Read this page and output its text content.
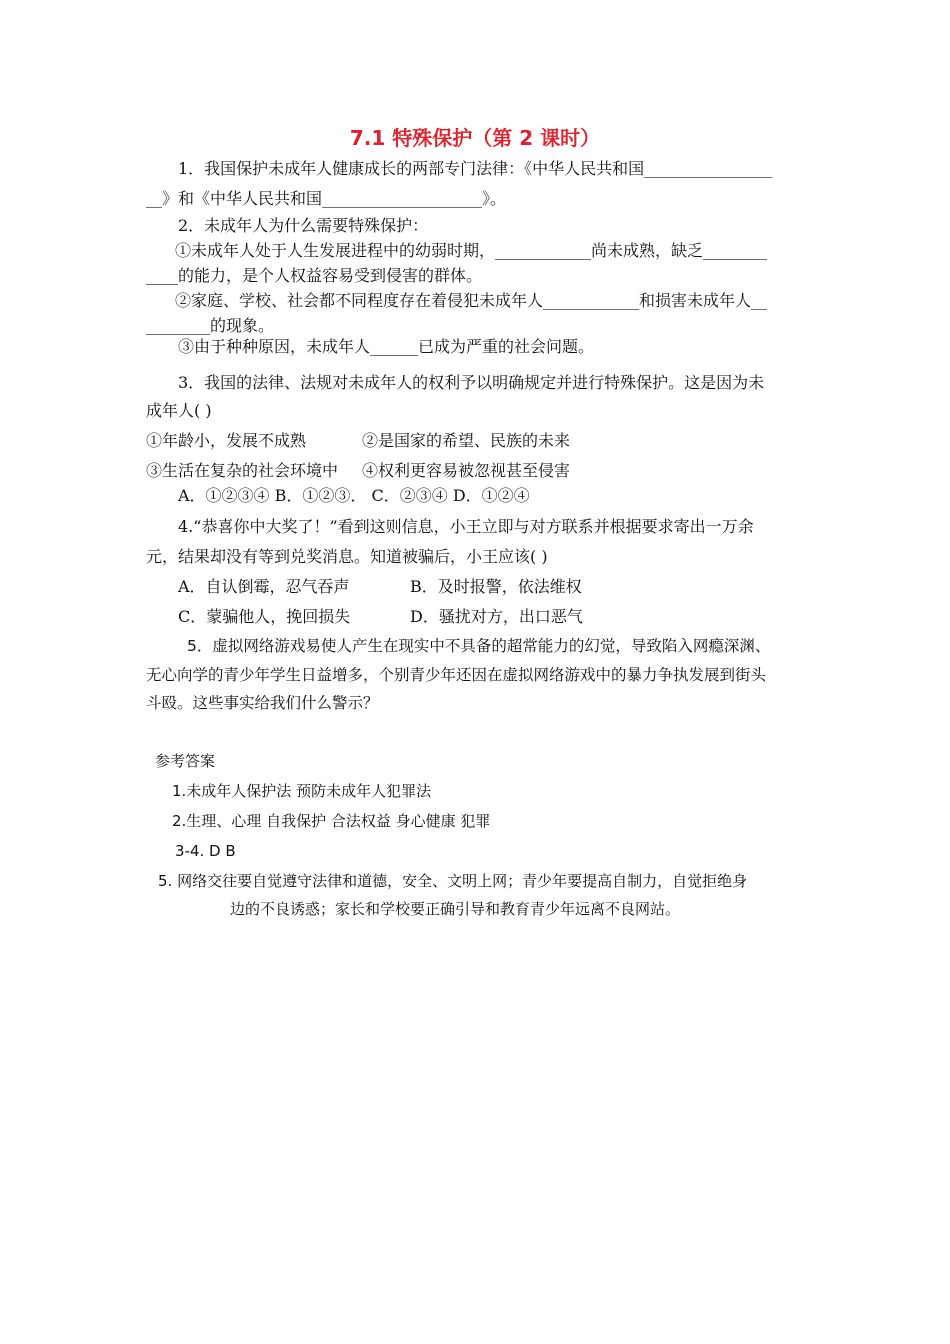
7.1 特殊保护（第 2 课时）
1．我国保护未成年人健康成长的两部专门法律：《中华人民共和国________________
__》和《中华人民共和国____________________》。
2．未成年人为什么需要特殊保护：
①未成年人处于人生发展进程中的幼弱时期，____________尚未成熟，缺乏________
____的能力，是个人权益容易受到侵害的群体。
②家庭、学校、社会都不同程度存在着侵犯未成年人____________和损害未成年人__
________的现象。
③由于种种原因，未成年人______已成为严重的社会问题。
3．我国的法律、法规对未成年人的权利予以明确规定并进行特殊保护。这是因为未
成年人( )
①年龄小，发展不成熟	②是国家的希望、民族的未来
③生活在复杂的社会环境中 ④权利更容易被忽视甚至侵害
A．①②③④ B．①②③． C．②③④ D．①②④
4.“恭喜你中大奖了！”看到这则信息，小王立即与对方联系并根据要求寄出一万余
元，结果却没有等到兑奖消息。知道被骗后，小王应该( )
A．自认倒霉，忍气吞声	B．及时报警，依法维权
C．蒙骗他人，挽回损失	D．骚扰对方，出口恶气
5．虚拟网络游戏易使人产生在现实中不具备的超常能力的幻觉，导致陷入网瘾深渊、
无心向学的青少年学生日益增多，个别青少年还因在虚拟网络游戏中的暴力争执发展到街头
斗殴。这些事实给我们什么警示？
参考答案
1.未成年人保护法 预防未成年人犯罪法
2.生理、心理 自我保护 合法权益 身心健康 犯罪
3-4. D B
5. 网络交往要自觉遵守法律和道德，安全、文明上网；青少年要提高自制力，自觉拒绝身
边的不良诱惑；家长和学校要正确引导和教育青少年远离不良网站。
